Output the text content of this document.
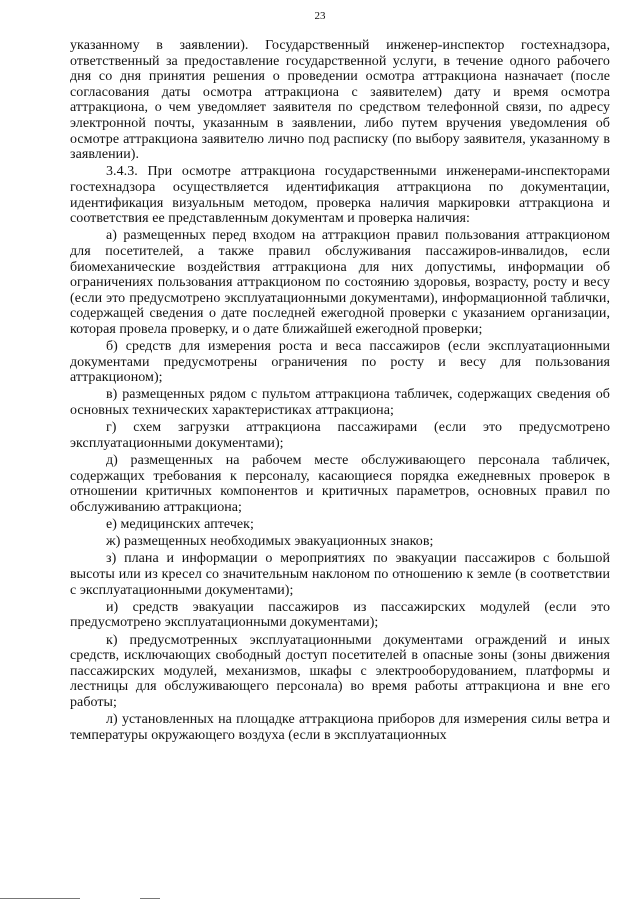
23

указанному в заявлении). Государственный инженер-инспектор гостехнадзора, ответственный за предоставление государственной услуги, в течение одного рабочего дня со дня принятия решения о проведении осмотра аттракциона назначает (после согласования даты осмотра аттракциона с заявителем) дату и время осмотра аттракциона, о чем уведомляет заявителя по средством телефонной связи, по адресу электронной почты, указанным в заявлении, либо путем вручения уведомления об осмотре аттракциона заявителю лично под расписку (по выбору заявителя, указанному в заявлении).

3.4.3. При осмотре аттракциона государственными инженерами-инспекторами гостехнадзора осуществляется идентификация аттракциона по документации, идентификация визуальным методом, проверка наличия маркировки аттракциона и соответствия ее представленным документам и проверка наличия:

а) размещенных перед входом на аттракцион правил пользования аттракционом для посетителей, а также правил обслуживания пассажиров-инвалидов, если биомеханические воздействия аттракциона для них допустимы, информации об ограничениях пользования аттракционом по состоянию здоровья, возрасту, росту и весу (если это предусмотрено эксплуатационными документами), информационной таблички, содержащей сведения о дате последней ежегодной проверки с указанием организации, которая провела проверку, и о дате ближайшей ежегодной проверки;

б) средств для измерения роста и веса пассажиров (если эксплуатационными документами предусмотрены ограничения по росту и весу для пользования аттракционом);

в) размещенных рядом с пультом аттракциона табличек, содержащих сведения об основных технических характеристиках аттракциона;

г) схем загрузки аттракциона пассажирами (если это предусмотрено эксплуатационными документами);

д) размещенных на рабочем месте обслуживающего персонала табличек, содержащих требования к персоналу, касающиеся порядка ежедневных проверок в отношении критичных компонентов и критичных параметров, основных правил по обслуживанию аттракциона;

е) медицинских аптечек;

ж) размещенных необходимых эвакуационных знаков;

з) плана и информации о мероприятиях по эвакуации пассажиров с большой высоты или из кресел со значительным наклоном по отношению к земле (в соответствии с эксплуатационными документами);

и) средств эвакуации пассажиров из пассажирских модулей (если это предусмотрено эксплуатационными документами);

к) предусмотренных эксплуатационными документами ограждений и иных средств, исключающих свободный доступ посетителей в опасные зоны (зоны движения пассажирских модулей, механизмов, шкафы с электрооборудованием, платформы и лестницы для обслуживающего персонала) во время работы аттракциона и вне его работы;

л) установленных на площадке аттракциона приборов для измерения силы ветра и температуры окружающего воздуха (если в эксплуатационных
